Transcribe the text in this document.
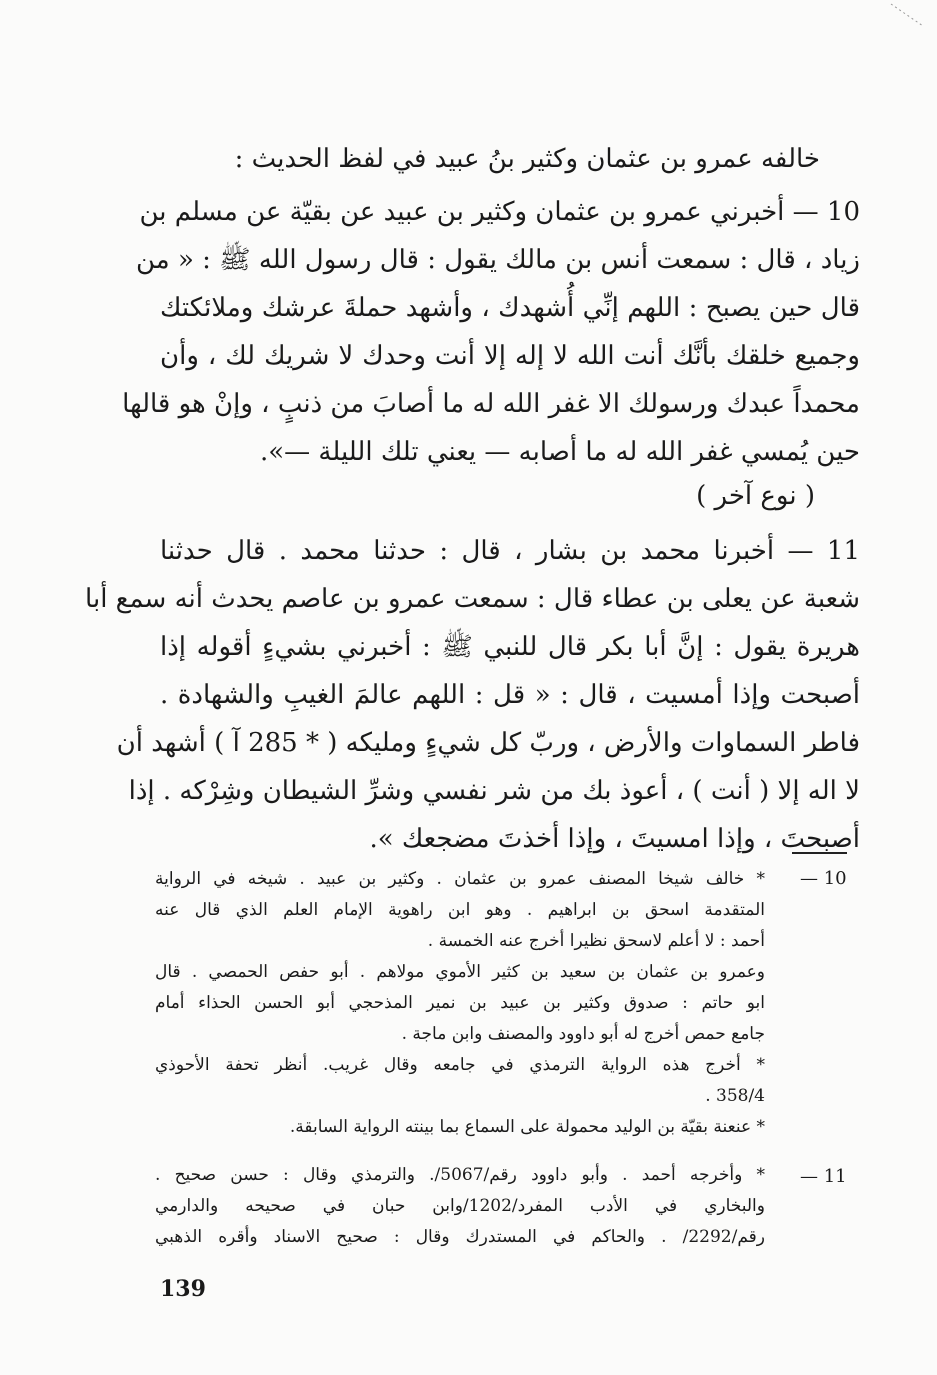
خالفه عمرو بن عثمان وكثير بنُ عبيد في لفظ الحديث :
10 — أخبرني عمرو بن عثمان وكثير بن عبيد عن بقيّة عن مسلم بن
زياد ، قال : سمعت أنس بن مالك يقول : قال رسول الله ﷺ : « من
قال حين يصبح : اللهم إنِّي أُشهدك ، وأشهد حملةَ عرشك وملائكتك
وجميع خلقك بأنَّك أنت الله لا إله إلا أنت وحدك لا شريك لك ، وأن
محمداً عبدك ورسولك الا غفر الله له ما أصابَ من ذنبٍ ، وإنْ هو قالها
حين يُمسي غفر الله له ما أصابه — يعني تلك الليلة —».
( نوع آخر )
11 — أخبرنا محمد بن بشار ، قال : حدثنا محمد . قال حدثنا
شعبة عن يعلى بن عطاء قال : سمعت عمرو بن عاصم يحدث أنه سمع أبا
هريرة يقول : إنَّ أبا بكر قال للنبي ﷺ : أخبرني بشيءٍ أقوله إذا
أصبحت وإذا أمسيت ، قال : « قل : اللهم عالمَ الغيبِ والشهادة .
فاطر السماوات والأرض ، وربّ كل شيءٍ ومليكه ( * 285 آ ) أشهد أن
لا اله إلا ( أنت ) ، أعوذ بك من شر نفسي وشرِّ الشيطان وشِرْكه . إذا
أصبحتَ ، وإذا امسيتَ ، وإذا أخذتَ مضجعك ».
— 10
* خالف شيخا المصنف عمرو بن عثمان . وكثير بن عبيد . شيخه في الرواية
المتقدمة اسحق بن ابراهيم . وهو ابن راهوية الإمام العلم الذي قال عنه
أحمد : لا أعلم لاسحق نظيرا أخرج عنه الخمسة .
وعمرو بن عثمان بن سعيد بن كثير الأموي مولاهم . أبو حفص الحمصي . قال
ابو حاتم : صدوق وكثير بن عبيد بن نمير المذحجي أبو الحسن الحذاء أمام
جامع حمص أخرج له أبو داوود والمصنف وابن ماجة .
* أخرج هذه الرواية الترمذي في جامعه وقال غريب. أنظر تحفة الأحوذي
358/4 .
* عنعنة بقيّة بن الوليد محمولة على السماع بما بينته الرواية السابقة.
— 11
* وأخرجه أحمد . وأبو داوود رقم/5067/. والترمذي وقال : حسن صحيح .
والبخاري في الأدب المفرد/1202/وابن حبان في صحيحه والدارمي
رقم/2292/ . والحاكم في المستدرك وقال : صحيح الاسناد وأقره الذهبي
139
